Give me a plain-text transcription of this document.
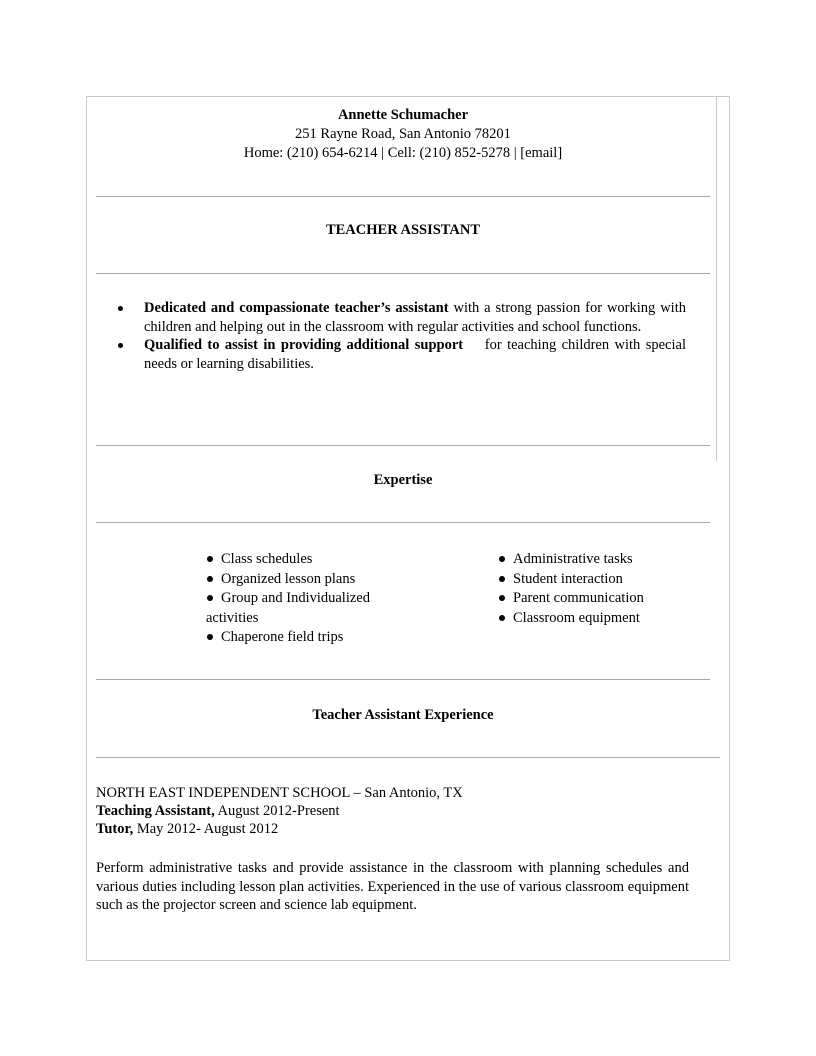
Annette Schumacher
251 Rayne Road, San Antonio 78201
Home: (210) 654-6214 | Cell: (210) 852-5278 | [email]
TEACHER ASSISTANT
Dedicated and compassionate teacher’s assistant with a strong passion for working with children and helping out in the classroom with regular activities and school functions.
Qualified to assist in providing additional support    for teaching children with special needs or learning disabilities.
Expertise
Class schedules
Organized lesson plans
Group and Individualized activities
Chaperone field trips
Administrative tasks
Student interaction
Parent communication
Classroom equipment
Teacher Assistant Experience
NORTH EAST INDEPENDENT SCHOOL – San Antonio, TX
Teaching Assistant, August 2012-Present
Tutor, May 2012- August 2012
Perform administrative tasks and provide assistance in the classroom with planning schedules and various duties including lesson plan activities. Experienced in the use of various classroom equipment such as the projector screen and science lab equipment.
